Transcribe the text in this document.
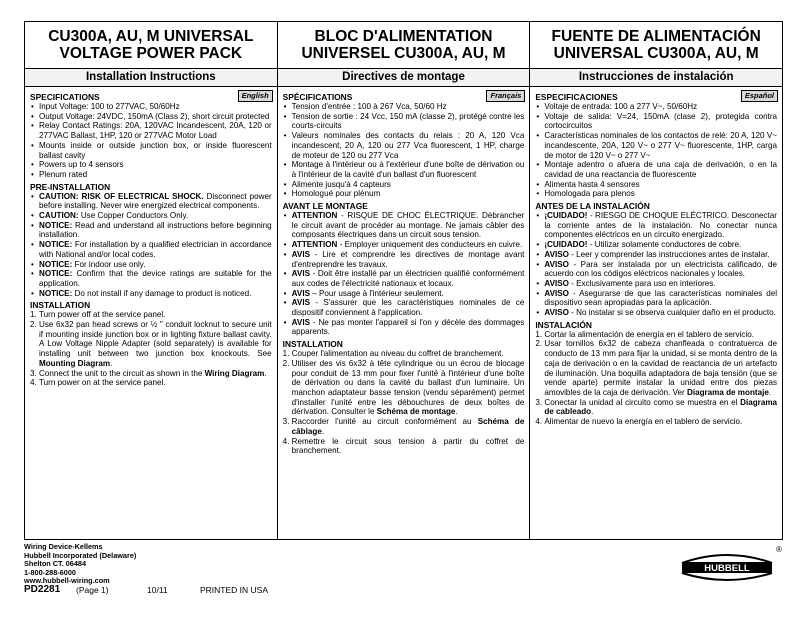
CU300A, AU, M UNIVERSAL
VOLTAGE POWER PACK
Installation Instructions
English
SPECIFICATIONS
• Input Voltage: 100 to 277VAC, 50/60Hz
• Output Voltage: 24VDC, 150mA (Class 2), short circuit protected
• Relay Contact Ratings: 20A, 120VAC Incandescent, 20A, 120 or 277VAC Ballast, 1HP, 120 or 277VAC Motor Load
• Mounts inside or outside junction box, or inside fluorescent ballast cavity
• Powers up to 4 sensors
• Plenum rated
PRE-INSTALLATION
• CAUTION: RISK OF ELECTRICAL SHOCK. Disconnect power before installing. Never wire energized electrical components.
• CAUTION: Use Copper Conductors Only.
• NOTICE: Read and understand all instructions before beginning installation.
• NOTICE: For installation by a qualified electrician in accordance with National and/or local codes.
• NOTICE: For indoor use only.
• NOTICE: Confirm that the device ratings are suitable for the application.
• NOTICE: Do not install if any damage to product is noticed.
INSTALLATION
Turn power off at the service panel.
Use 6x32 pan head screws or ½ " conduit locknut to secure unit if mounting inside junction box or in lighting fixture ballast cavity. A Low Voltage Nipple Adapter (sold separately) is available for installing unit between two junction box knockouts. See Mounting Diagram.
Connect the unit to the circuit as shown in the Wiring Diagram.
Turn power on at the service panel.
BLOC D'ALIMENTATION
UNIVERSEL CU300A, AU, M
Directives de montage
Français
SPÉCIFICATIONS
• Tension d'entrée : 100 à 267 Vca, 50/60 Hz
• Tension de sortie : 24 Vcc, 150 mA (classe 2), protégé contre les courts-circuits
• Valeurs nominales des contacts du relais : 20 A, 120 Vca incandescent, 20 A, 120 ou 277 Vca fluorescent, 1 HP, charge de moteur de 120 ou 277 Vca
• Montage à l'intérieur ou à l'extérieur d'une boîte de dérivation ou à l'intérieur de la cavité d'un ballast d'un fluorescent
• Alimente jusqu'à 4 capteurs
• Homologué pour plénum
AVANT LE MONTAGE
• ATTENTION - RISQUE DE CHOC ÉLECTRIQUE. Débrancher le circuit avant de procéder au montage. Ne jamais câbler des composants électriques dans un circuit sous tension.
• ATTENTION - Employer uniquement des conducteurs en cuivre.
• AVIS - Lire et comprendre les directives de montage avant d'entreprendre les travaux.
• AVIS - Doit être installé par un électricien qualifié conformément aux codes de l'électricité nationaux et locaux.
• AVIS – Pour usage à l'intérieur seulement.
• AVIS - S'assurer que les caractéristiques nominales de ce dispositif conviennent à l'application.
• AVIS - Ne pas monter l'appareil si l'on y décèle des dommages apparents.
INSTALLATION
Couper l'alimentation au niveau du coffret de branchement.
Utiliser des vis 6x32 à tête cylindrique ou un écrou de blocage pour conduit de 13 mm pour fixer l'unité à l'intérieur d'une boîte de dérivation ou dans la cavité du ballast d'un luminaire. Un manchon adaptateur basse tension (vendu séparément) permet d'installer l'unité entre les débouchures de deux boîtes de dérivation. Consulter le Schéma de montage.
Raccorder l'unité au circuit conformément au Schéma de câblage.
Remettre le circuit sous tension à partir du coffret de branchement.
FUENTE DE ALIMENTACIÓN
UNIVERSAL CU300A, AU, M
Instrucciones de instalación
Español
ESPECIFICACIONES
• Voltaje de entrada: 100 a 277 V~, 50/60Hz
• Voltaje de salida: V=24, 150mA (clase 2), protegida contra cortocircuitos
• Características nominales de los contactos de relé: 20 A, 120 V~ incandescente, 20A, 120 V~ o 277 V~ fluorescente, 1HP, carga de motor de 120 V~ o 277 V~
• Montaje adentro o afuera de una caja de derivación, o en la cavidad de una reactancia de fluorescente
• Alimenta hasta 4 sensores
• Homologada para plenos
ANTES DE LA INSTALACIÓN
• ¡CUIDADO! - RIESGO DE CHOQUE ELÉCTRICO. Desconectar la corriente antes de la instalación. No conectar nunca componentes eléctricos en un circuito energizado.
• ¡CUIDADO! - Utilizar solamente conductores de cobre.
• AVISO - Leer y comprender las instrucciones antes de instalar.
• AVISO - Para ser instalada por un electricista calificado, de acuerdo con los códigos eléctricos nacionales y locales.
• AVISO - Exclusivamente para uso en interiores.
• AVISO - Asegurarse de que las características nominales del dispositivo sean apropiadas para la aplicación.
• AVISO - No instalar si se observa cualquier daño en el producto.
INSTALACIÓN
Cortar la alimentación de energía en el tablero de servicio.
Usar tornillos 6x32 de cabeza chanfleada o contratuerca de conducto de 13 mm para fijar la unidad, si se monta dentro de la caja de derivación o en la cavidad de reactancia de un artefacto de iluminación. Una boquilla adaptadora de baja tensión (que se vende aparte) permite instalar la unidad entre dos piezas amovibles de la caja de derivación. Ver Diagrama de montaje.
Conectar la unidad al circuito como se muestra en el Diagrama de cableado.
Alimentar de nuevo la energía en el tablero de servicio.
Wiring Device-Kellems
Hubbell Incorporated (Delaware)
Shelton CT. 06484
1-800-288-6000
www.hubbell-wiring.com
PD2281 (Page 1)	10/11	PRINTED IN USA
HUBBELL
®
